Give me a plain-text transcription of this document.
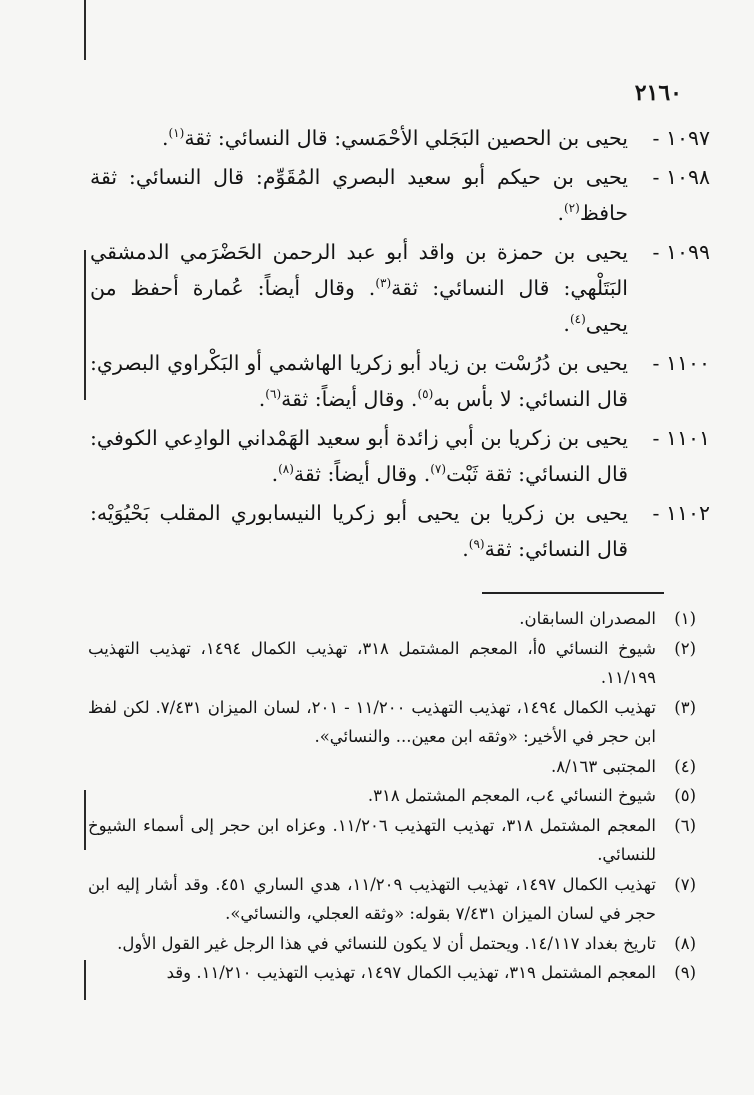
٢١٦٠
١٠٩٧ -
يحيى بن الحصين البَجَلي الأحْمَسي: قال النسائي: ثقة$^{(١)}$.
١٠٩٨ -
يحيى بن حيكم أبو سعيد البصري المُقَوِّم: قال النسائي: ثقة حافظ$^{(٢)}$.
١٠٩٩ -
يحيى بن حمزة بن واقد أبو عبد الرحمن الحَضْرَمي الدمشقي البَتَلْهي: قال النسائي: ثقة$^{(٣)}$. وقال أيضاً: عُمارة أحفظ من يحيى$^{(٤)}$.
١١٠٠ -
يحيى بن دُرُسْت بن زياد أبو زكريا الهاشمي أو البَكْراوي البصري: قال النسائي: لا بأس به$^{(٥)}$. وقال أيضاً: ثقة$^{(٦)}$.
١١٠١ -
يحيى بن زكريا بن أبي زائدة أبو سعيد الهَمْداني الوادِعي الكوفي: قال النسائي: ثقة ثَبْت$^{(٧)}$. وقال أيضاً: ثقة$^{(٨)}$.
١١٠٢ -
يحيى بن زكريا بن يحيى أبو زكريا النيسابوري المقلب بَحْيُوَيْه: قال النسائي: ثقة$^{(٩)}$.
(١)
المصدران السابقان.
(٢)
شيوخ النسائي ٥أ، المعجم المشتمل ٣١٨، تهذيب الكمال ١٤٩٤، تهذيب التهذيب ١١/١٩٩.
(٣)
تهذيب الكمال ١٤٩٤، تهذيب التهذيب ١١/٢٠٠ - ٢٠١، لسان الميزان ٧/٤٣١. لكن لفظ ابن حجر في الأخير: «وثقه ابن معين... والنسائي».
(٤)
المجتبى ٨/١٦٣.
(٥)
شيوخ النسائي ٤ب، المعجم المشتمل ٣١٨.
(٦)
المعجم المشتمل ٣١٨، تهذيب التهذيب ١١/٢٠٦. وعزاه ابن حجر إلى أسماء الشيوخ للنسائي.
(٧)
تهذيب الكمال ١٤٩٧، تهذيب التهذيب ١١/٢٠٩، هدي الساري ٤٥١. وقد أشار إليه ابن حجر في لسان الميزان ٧/٤٣١ بقوله: «وثقه العجلي، والنسائي».
(٨)
تاريخ بغداد ١٤/١١٧. ويحتمل أن لا يكون للنسائي في هذا الرجل غير القول الأول.
(٩)
المعجم المشتمل ٣١٩، تهذيب الكمال ١٤٩٧، تهذيب التهذيب ١١/٢١٠. وقد
